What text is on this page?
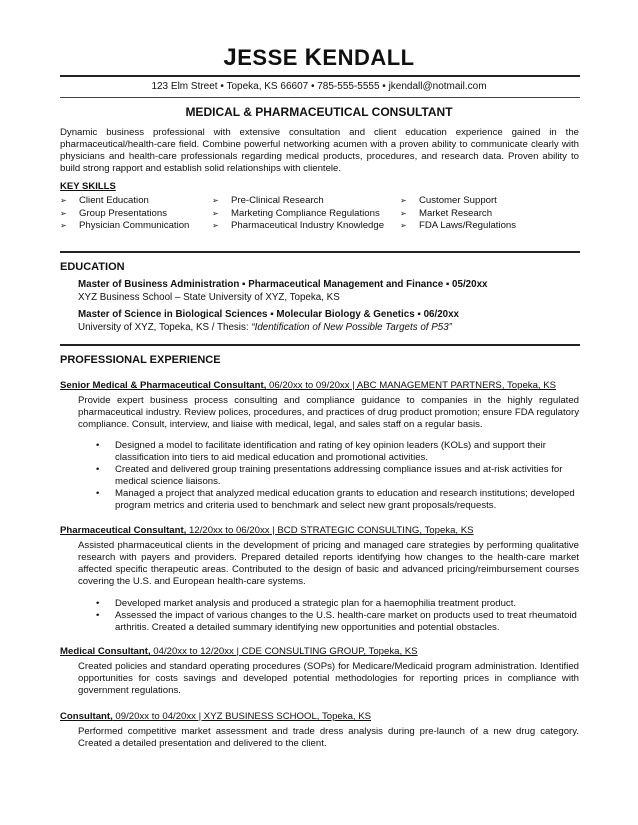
JESSE KENDALL
123 Elm Street • Topeka, KS 66607 • 785-555-5555 • jkendall@notmail.com
MEDICAL & PHARMACEUTICAL CONSULTANT
Dynamic business professional with extensive consultation and client education experience gained in the pharmaceutical/health-care field. Combine powerful networking acumen with a proven ability to communicate clearly with physicians and health-care professionals regarding medical products, procedures, and research data. Proven ability to build strong rapport and establish solid relationships with clientele.
KEY SKILLS
➢ Client Education
➢ Group Presentations
➢ Physician Communication
➢ Pre-Clinical Research
➢ Marketing Compliance Regulations
➢ Pharmaceutical Industry Knowledge
➢ Customer Support
➢ Market Research
➢ FDA Laws/Regulations
EDUCATION
Master of Business Administration ▪ Pharmaceutical Management and Finance ▪ 05/20xx
XYZ Business School – State University of XYZ, Topeka, KS
Master of Science in Biological Sciences ▪ Molecular Biology & Genetics ▪ 06/20xx
University of XYZ, Topeka, KS / Thesis: “Identification of New Possible Targets of P53”
PROFESSIONAL EXPERIENCE
Senior Medical & Pharmaceutical Consultant, 06/20xx to 09/20xx | ABC MANAGEMENT PARTNERS, Topeka, KS
Provide expert business process consulting and compliance guidance to companies in the highly regulated pharmaceutical industry. Review polices, procedures, and practices of drug product promotion; ensure FDA regulatory compliance. Consult, interview, and liaise with medical, legal, and sales staff on a regular basis.
• Designed a model to facilitate identification and rating of key opinion leaders (KOLs) and support their classification into tiers to aid medical education and promotional activities.
• Created and delivered group training presentations addressing compliance issues and at-risk activities for medical science liaisons.
• Managed a project that analyzed medical education grants to education and research institutions; developed program metrics and criteria used to benchmark and select new grant proposals/requests.
Pharmaceutical Consultant, 12/20xx to 06/20xx | BCD STRATEGIC CONSULTING, Topeka, KS
Assisted pharmaceutical clients in the development of pricing and managed care strategies by performing qualitative research with payers and providers. Prepared detailed reports identifying how changes to the health-care market affected specific therapeutic areas. Contributed to the design of basic and advanced pricing/reimbursement courses covering the U.S. and European health-care systems.
• Developed market analysis and produced a strategic plan for a haemophilia treatment product.
• Assessed the impact of various changes to the U.S. health-care market on products used to treat rheumatoid arthritis. Created a detailed summary identifying new opportunities and potential obstacles.
Medical Consultant, 04/20xx to 12/20xx | CDE CONSULTING GROUP, Topeka, KS
Created policies and standard operating procedures (SOPs) for Medicare/Medicaid program administration. Identified opportunities for costs savings and developed potential methodologies for reporting prices in compliance with government regulations.
Consultant, 09/20xx to 04/20xx | XYZ BUSINESS SCHOOL, Topeka, KS
Performed competitive market assessment and trade dress analysis during pre-launch of a new drug category. Created a detailed presentation and delivered to the client.
